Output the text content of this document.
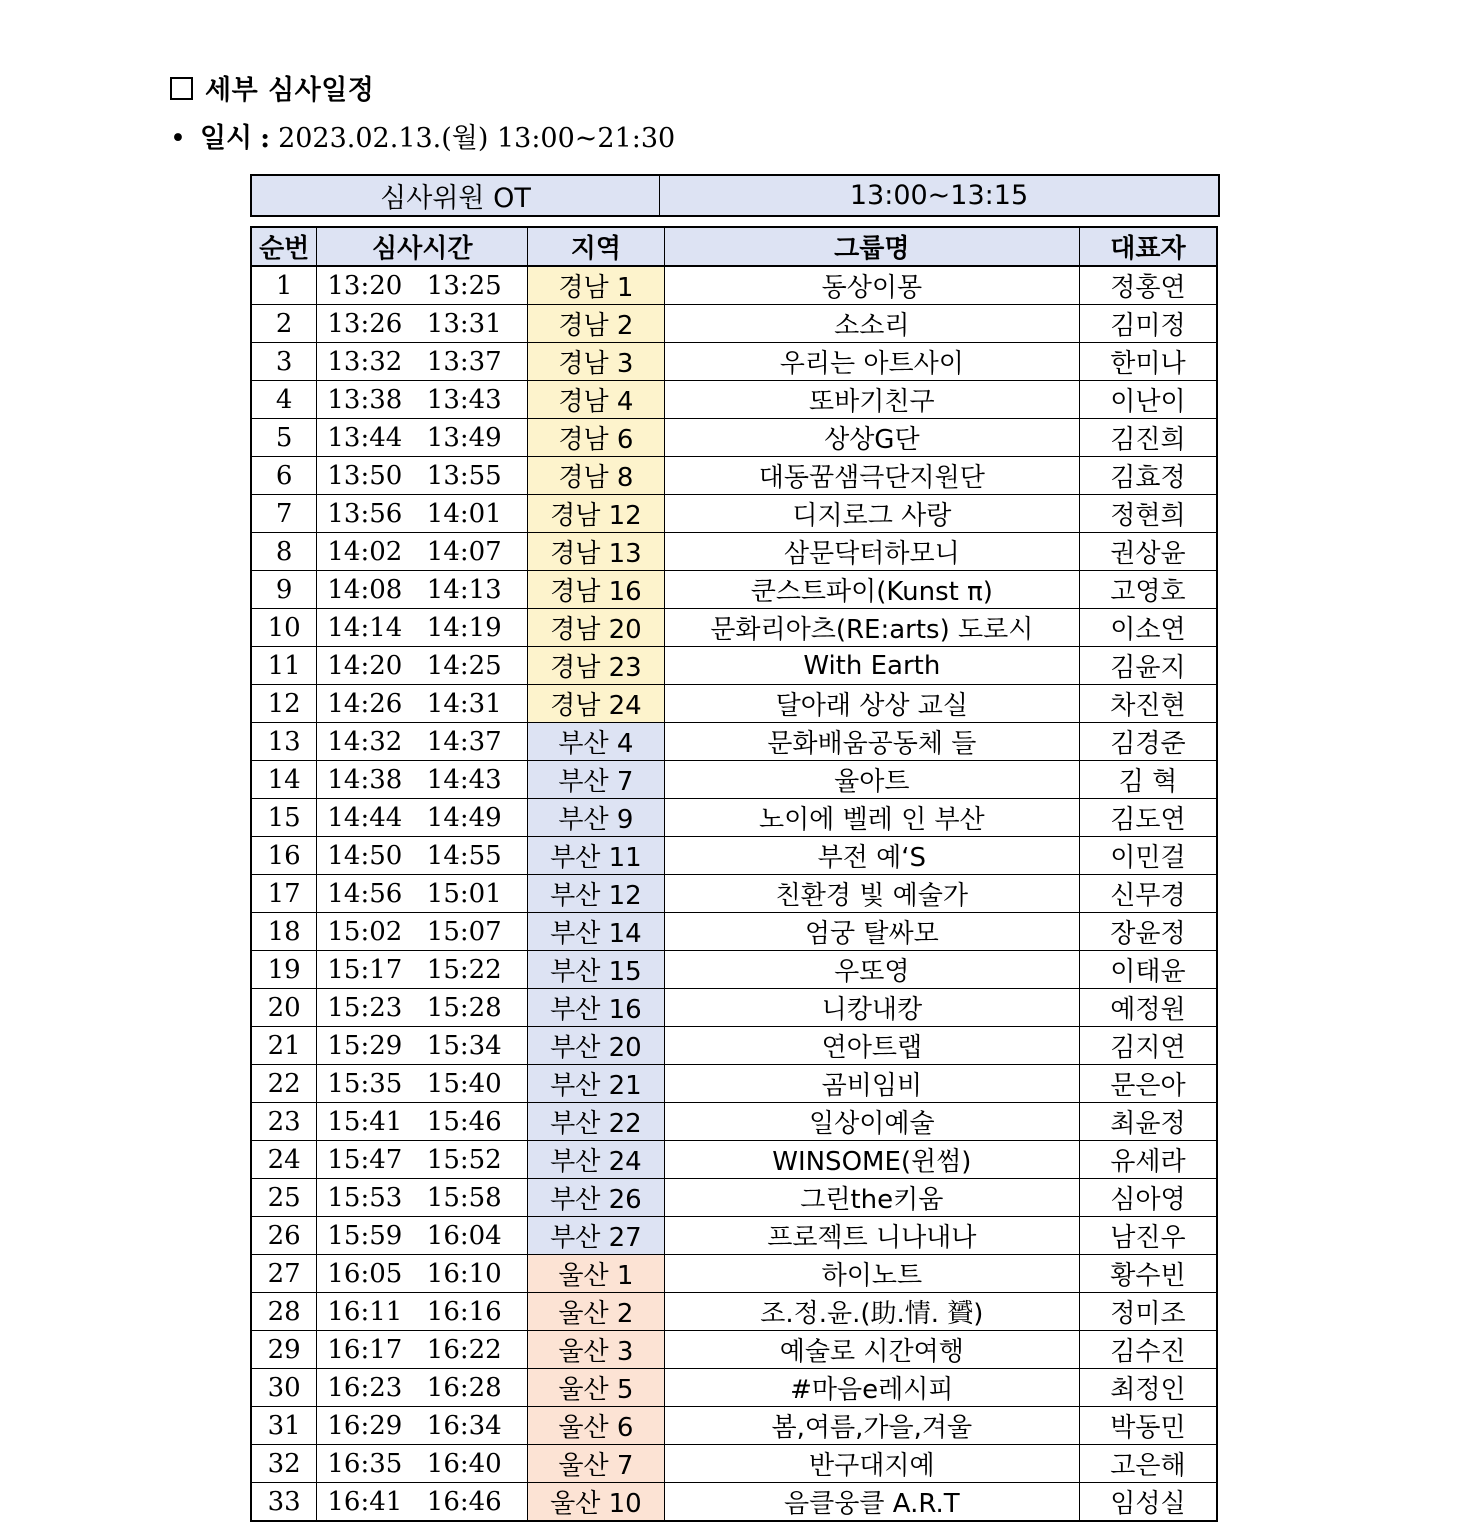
세부 심사일정
• 일시 : 2023.02.13.(월) 13:00~21:30
심사위원 OT	13:00~13:15
순번	심사시간		지역	그룹명	대표자
1	13:20	13:25	경남 1	동상이몽	정홍연
2	13:26	13:31	경남 2	소소리	김미정
3	13:32	13:37	경남 3	우리는 아트사이	한미나
4	13:38	13:43	경남 4	또바기친구	이난이
5	13:44	13:49	경남 6	상상G단	김진희
6	13:50	13:55	경남 8	대동꿈샘극단지원단	김효정
7	13:56	14:01	경남 12	디지로그 사랑	정현희
8	14:02	14:07	경남 13	삼문닥터하모니	권상윤
9	14:08	14:13	경남 16	쿤스트파이(Kunst π)	고영호
10	14:14	14:19	경남 20	문화리아츠(RE:arts) 도로시	이소연
11	14:20	14:25	경남 23	With Earth	김윤지
12	14:26	14:31	경남 24	달아래 상상 교실	차진현
13	14:32	14:37	부산 4	문화배움공동체 들	김경준
14	14:38	14:43	부산 7	율아트	김 혁
15	14:44	14:49	부산 9	노이에 벨레 인 부산	김도연
16	14:50	14:55	부산 11	부전 예‘S	이민걸
17	14:56	15:01	부산 12	친환경 빛 예술가	신무경
18	15:02	15:07	부산 14	엄궁 탈싸모	장윤정
19	15:17	15:22	부산 15	우또영	이태윤
20	15:23	15:28	부산 16	니캉내캉	예정원
21	15:29	15:34	부산 20	연아트랩	김지연
22	15:35	15:40	부산 21	곰비임비	문은아
23	15:41	15:46	부산 22	일상이예술	최윤정
24	15:47	15:52	부산 24	WINSOME(윈썸)	유세라
25	15:53	15:58	부산 26	그린the키움	심아영
26	15:59	16:04	부산 27	프로젝트 니나내나	남진우
27	16:05	16:10	울산 1	하이노트	황수빈
28	16:11	16:16	울산 2	조.정.윤.(助.情. 贇)	정미조
29	16:17	16:22	울산 3	예술로 시간여행	김수진
30	16:23	16:28	울산 5	#마음e레시피	최정인
31	16:29	16:34	울산 6	봄,여름,가을,겨울	박동민
32	16:35	16:40	울산 7	반구대지예	고은해
33	16:41	16:46	울산 10	음클웅클 A.R.T	임성실
